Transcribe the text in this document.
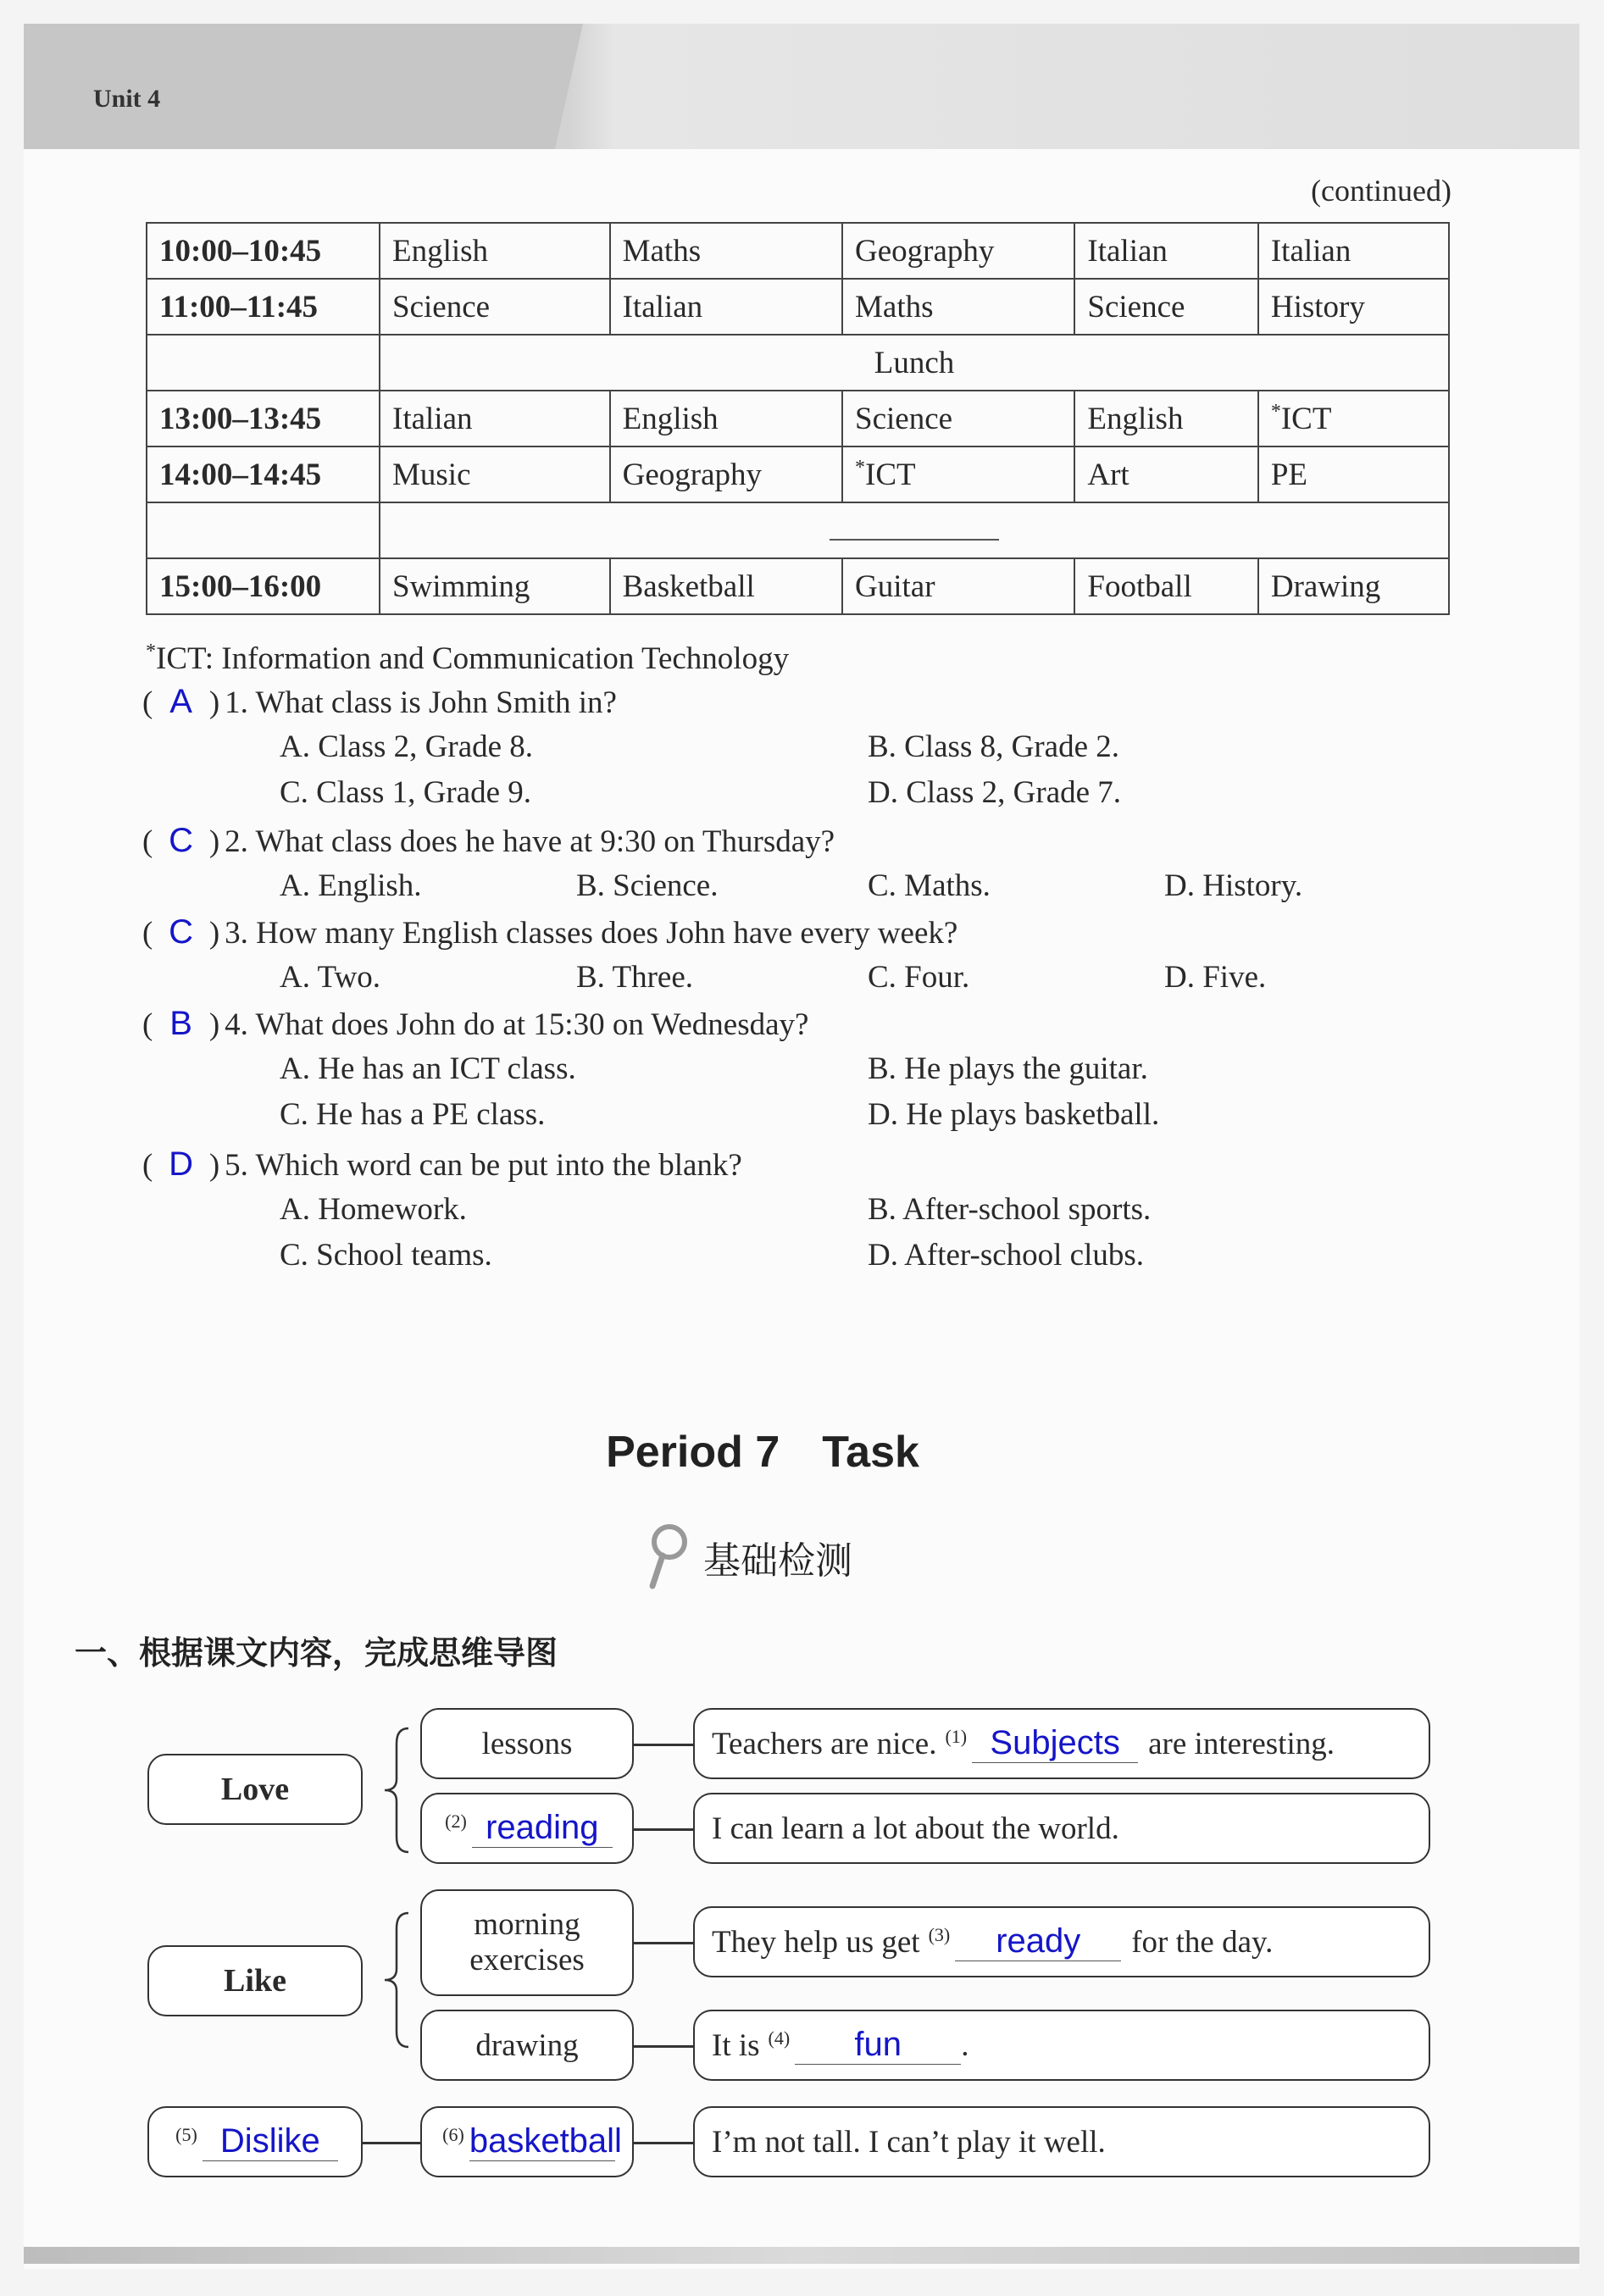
Unit 4
(continued)
10:00–10:45	English	Maths	Geography	Italian	Italian
11:00–11:45	Science	Italian	Maths	Science	History
	Lunch				
13:00–13:45	Italian	English	Science	English	*ICT
14:00–14:45	Music	Geography	*ICT	Art	PE

15:00–16:00	Swimming	Basketball	Guitar	Football	Drawing
*ICT: Information and Communication Technology
( A ) 1. What class is John Smith in?
A. Class 2, Grade 8.	B. Class 8, Grade 2.
C. Class 1, Grade 9.	D. Class 2, Grade 7.
( C ) 2. What class does he have at 9:30 on Thursday?
A. English.	B. Science.	C. Maths.	D. History.
( C ) 3. How many English classes does John have every week?
A. Two.	B. Three.	C. Four.	D. Five.
( B ) 4. What does John do at 15:30 on Wednesday?
A. He has an ICT class.	B. He plays the guitar.
C. He has a PE class.	D. He plays basketball.
( D ) 5. Which word can be put into the blank?
A. Homework.	B. After-school sports.
C. School teams.	D. After-school clubs.
Period 7 Task
基础检测
一、根据课文内容，完成思维导图
Love
Like
(5) Dislike
lessons
(2) reading
morning
exercises
drawing
(6) basketball
Teachers are nice. (1) Subjects are interesting.
I can learn a lot about the world.
They help us get (3)	ready	for the day.
It is (4)	fun	.
I’m not tall. I can’t play it well.
